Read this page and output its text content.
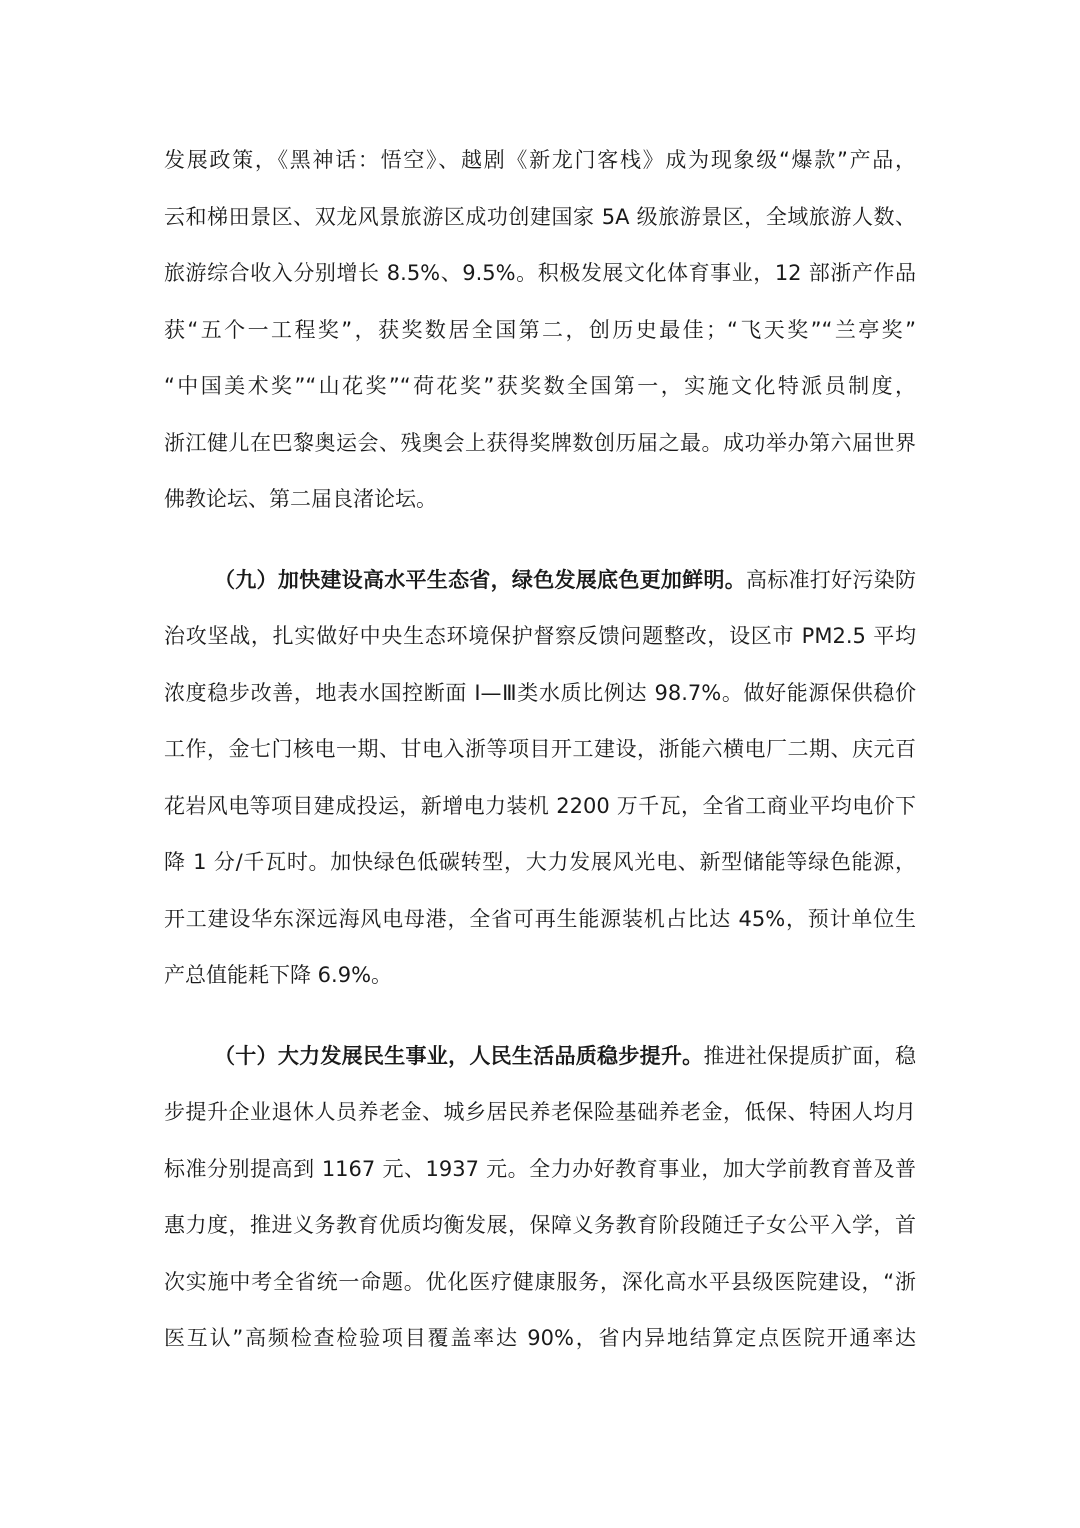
发展政策，《黑神话：悟空》、越剧《新龙门客栈》成为现象级“爆款”产品，
云和梯田景区、双龙风景旅游区成功创建国家 5A 级旅游景区，全域旅游人数、
旅游综合收入分别增长 8.5%、9.5%。积极发展文化体育事业，12 部浙产作品
获“五个一工程奖”，获奖数居全国第二，创历史最佳；“飞天奖”“兰亭奖”
“中国美术奖”“山花奖”“荷花奖”获奖数全国第一，实施文化特派员制度，
浙江健儿在巴黎奥运会、残奥会上获得奖牌数创历届之最。成功举办第六届世界
佛教论坛、第二届良渚论坛。
（九）加快建设高水平生态省，绿色发展底色更加鲜明。高标准打好污染防
治攻坚战，扎实做好中央生态环境保护督察反馈问题整改，设区市 PM2.5 平均
浓度稳步改善，地表水国控断面 I—Ⅲ类水质比例达 98.7%。做好能源保供稳价
工作，金七门核电一期、甘电入浙等项目开工建设，浙能六横电厂二期、庆元百
花岩风电等项目建成投运，新增电力装机 2200 万千瓦，全省工商业平均电价下
降 1 分/千瓦时。加快绿色低碳转型，大力发展风光电、新型储能等绿色能源，
开工建设华东深远海风电母港，全省可再生能源装机占比达 45%，预计单位生
产总值能耗下降 6.9%。
（十）大力发展民生事业，人民生活品质稳步提升。推进社保提质扩面，稳
步提升企业退休人员养老金、城乡居民养老保险基础养老金，低保、特困人均月
标准分别提高到 1167 元、1937 元。全力办好教育事业，加大学前教育普及普
惠力度，推进义务教育优质均衡发展，保障义务教育阶段随迁子女公平入学，首
次实施中考全省统一命题。优化医疗健康服务，深化高水平县级医院建设，“浙
医互认”高频检查检验项目覆盖率达 90%，省内异地结算定点医院开通率达
